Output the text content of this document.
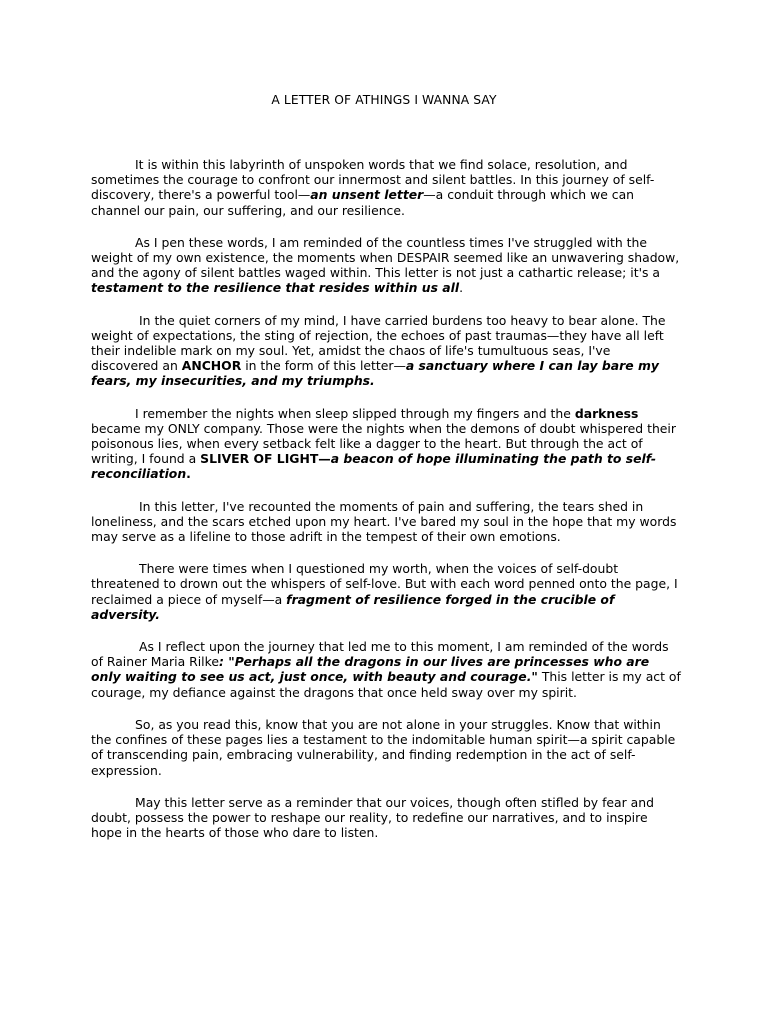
A LETTER OF ATHINGS I WANNA SAY

It is within this labyrinth of unspoken words that we find solace, resolution, and sometimes the courage to confront our innermost and silent battles. In this journey of self-discovery, there's a powerful tool—an unsent letter—a conduit through which we can channel our pain, our suffering, and our resilience.

As I pen these words, I am reminded of the countless times I've struggled with the weight of my own existence, the moments when DESPAIR seemed like an unwavering shadow, and the agony of silent battles waged within. This letter is not just a cathartic release; it's a testament to the resilience that resides within us all.

In the quiet corners of my mind, I have carried burdens too heavy to bear alone. The weight of expectations, the sting of rejection, the echoes of past traumas—they have all left their indelible mark on my soul. Yet, amidst the chaos of life's tumultuous seas, I've discovered an ANCHOR in the form of this letter—a sanctuary where I can lay bare my fears, my insecurities, and my triumphs.

I remember the nights when sleep slipped through my fingers and the darkness became my ONLY company. Those were the nights when the demons of doubt whispered their poisonous lies, when every setback felt like a dagger to the heart. But through the act of writing, I found a SLIVER OF LIGHT—a beacon of hope illuminating the path to self-reconciliation.

In this letter, I've recounted the moments of pain and suffering, the tears shed in loneliness, and the scars etched upon my heart. I've bared my soul in the hope that my words may serve as a lifeline to those adrift in the tempest of their own emotions.

There were times when I questioned my worth, when the voices of self-doubt threatened to drown out the whispers of self-love. But with each word penned onto the page, I reclaimed a piece of myself—a fragment of resilience forged in the crucible of adversity.

As I reflect upon the journey that led me to this moment, I am reminded of the words of Rainer Maria Rilke: "Perhaps all the dragons in our lives are princesses who are only waiting to see us act, just once, with beauty and courage." This letter is my act of courage, my defiance against the dragons that once held sway over my spirit.

So, as you read this, know that you are not alone in your struggles. Know that within the confines of these pages lies a testament to the indomitable human spirit—a spirit capable of transcending pain, embracing vulnerability, and finding redemption in the act of self-expression.

May this letter serve as a reminder that our voices, though often stifled by fear and doubt, possess the power to reshape our reality, to redefine our narratives, and to inspire hope in the hearts of those who dare to listen.
